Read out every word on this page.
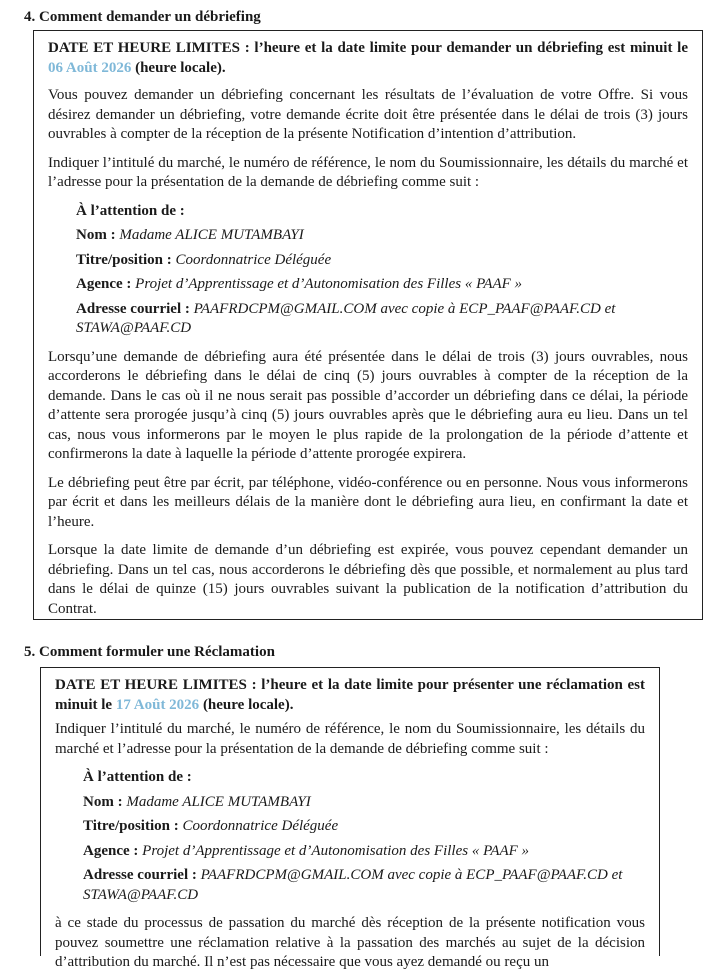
4. Comment demander un débriefing

DATE ET HEURE LIMITES : l’heure et la date limite pour demander un débriefing est minuit le 06 Août 2026 (heure locale).

Vous pouvez demander un débriefing concernant les résultats de l’évaluation de votre Offre. Si vous désirez demander un débriefing, votre demande écrite doit être présentée dans le délai de trois (3) jours ouvrables à compter de la réception de la présente Notification d’intention d’attribution.

Indiquer l’intitulé du marché, le numéro de référence, le nom du Soumissionnaire, les détails du marché et l’adresse pour la présentation de la demande de débriefing comme suit :

À l’attention de :

Nom : Madame ALICE MUTAMBAYI

Titre/position : Coordonnatrice Déléguée

Agence : Projet d’Apprentissage et d’Autonomisation des Filles « PAAF »

Adresse courriel : PAAFRDCPM@GMAIL.COM avec copie à ECP_PAAF@PAAF.CD et STAWA@PAAF.CD

Lorsqu’une demande de débriefing aura été présentée dans le délai de trois (3) jours ouvrables, nous accorderons le débriefing dans le délai de cinq (5) jours ouvrables à compter de la réception de la demande. Dans le cas où il ne nous serait pas possible d’accorder un débriefing dans ce délai, la période d’attente sera prorogée jusqu’à cinq (5) jours ouvrables après que le débriefing aura eu lieu. Dans un tel cas, nous vous informerons par le moyen le plus rapide de la prolongation de la période d’attente et confirmerons la date à laquelle la période d’attente prorogée expirera.

Le débriefing peut être par écrit, par téléphone, vidéo-conférence ou en personne. Nous vous informerons par écrit et dans les meilleurs délais de la manière dont le débriefing aura lieu, en confirmant la date et l’heure.

Lorsque la date limite de demande d’un débriefing est expirée, vous pouvez cependant demander un débriefing. Dans un tel cas, nous accorderons le débriefing dès que possible, et normalement au plus tard dans le délai de quinze (15) jours ouvrables suivant la publication de la notification d’attribution du Contrat.

5. Comment formuler une Réclamation

DATE ET HEURE LIMITES : l’heure et la date limite pour présenter une réclamation est minuit le 17 Août 2026 (heure locale).

Indiquer l’intitulé du marché, le numéro de référence, le nom du Soumissionnaire, les détails du marché et l’adresse pour la présentation de la demande de débriefing comme suit :

À l’attention de :

Nom : Madame ALICE MUTAMBAYI

Titre/position : Coordonnatrice Déléguée

Agence : Projet d’Apprentissage et d’Autonomisation des Filles « PAAF »

Adresse courriel : PAAFRDCPM@GMAIL.COM avec copie à ECP_PAAF@PAAF.CD et STAWA@PAAF.CD

à ce stade du processus de passation du marché dès réception de la présente notification vous pouvez soumettre une réclamation relative à la passation des marchés au sujet de la décision d’attribution du marché. Il n’est pas nécessaire que vous ayez demandé ou reçu un
